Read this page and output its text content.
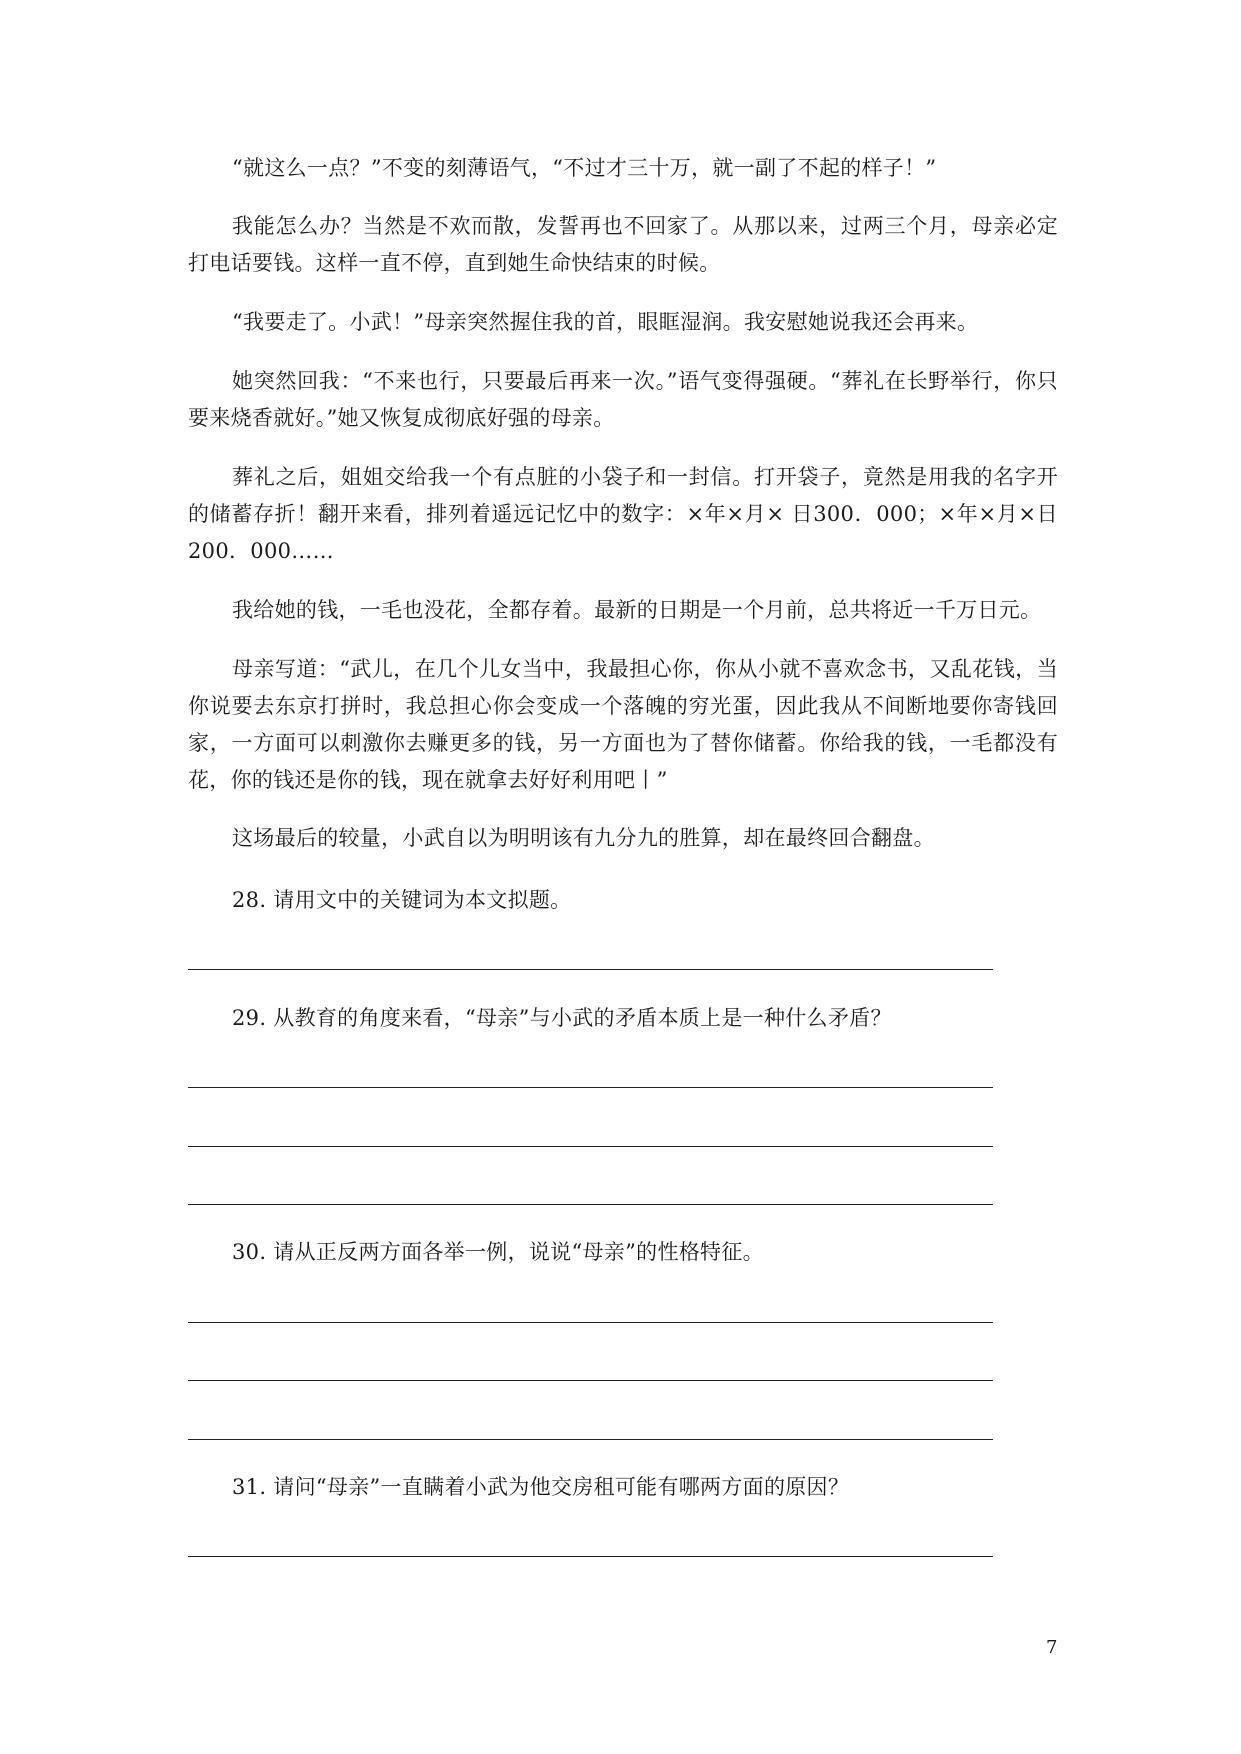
“就这么一点？”不变的刻薄语气，“不过才三十万，就一副了不起的样子！”

我能怎么办？当然是不欢而散，发誓再也不回家了。从那以来，过两三个月，母亲必定打电话要钱。这样一直不停，直到她生命快结束的时候。

“我要走了。小武！”母亲突然握住我的首，眼眶湿润。我安慰她说我还会再来。

她突然回我：“不来也行，只要最后再来一次。”语气变得强硬。“葬礼在长野举行，你只要来烧香就好。”她又恢复成彻底好强的母亲。

葬礼之后，姐姐交给我一个有点脏的小袋子和一封信。打开袋子，竟然是用我的名字开的储蓄存折！翻开来看，排列着遥远记忆中的数字：×年×月× 日300．000；×年×月×日200．000……

我给她的钱，一毛也没花，全都存着。最新的日期是一个月前，总共将近一千万日元。

母亲写道：“武儿，在几个儿女当中，我最担心你，你从小就不喜欢念书，又乱花钱，当你说要去东京打拼时，我总担心你会变成一个落魄的穷光蛋，因此我从不间断地要你寄钱回家，一方面可以刺激你去赚更多的钱，另一方面也为了替你储蓄。你给我的钱，一毛都没有花，你的钱还是你的钱，现在就拿去好好利用吧丨”

这场最后的较量，小武自以为明明该有九分九的胜算，却在最终回合翻盘。

28. 请用文中的关键词为本文拟题。

29. 从教育的角度来看，“母亲”与小武的矛盾本质上是一种什么矛盾？

30. 请从正反两方面各举一例，说说“母亲”的性格特征。

31. 请问“母亲”一直瞒着小武为他交房租可能有哪两方面的原因？

7
